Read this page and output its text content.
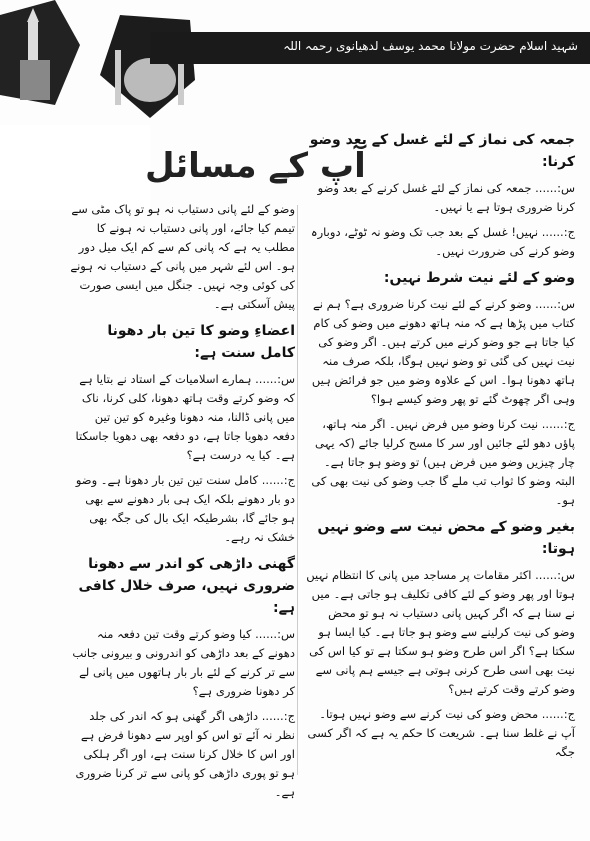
شہید اسلام حضرت مولانا محمد یوسف لدھیانوی رحمہ اللہ
آپ کے مسائل
جمعہ کی نماز کے لئے غسل کے بعد وضو کرنا:
س:...... جمعہ کی نماز کے لئے غسل کرنے کے بعد وضو کرنا ضروری ہوتا ہے یا نہیں۔
ج:...... نہیں! غسل کے بعد جب تک وضو نہ ٹوٹے، دوبارہ وضو کرنے کی ضرورت نہیں۔
وضو کے لئے نیت شرط نہیں:
س:...... وضو کرنے کے لئے نیت کرنا ضروری ہے؟ ہم نے کتاب میں پڑھا ہے کہ منہ ہاتھ دھونے میں وضو کی کام کیا جاتا ہے جو وضو کرنے میں کرتے ہیں۔ اگر وضو کی نیت نہیں کی گئی تو وضو نہیں ہوگا، بلکہ صرف منہ ہاتھ دھونا ہوا۔ اس کے علاوہ وضو میں جو فرائض ہیں وہی اگر چھوٹ گئے تو پھر وضو کیسے ہوا؟
ج:...... نیت کرنا وضو میں فرض نہیں۔ اگر منہ ہاتھ، پاؤں دھو لئے جائیں اور سر کا مسح کرلیا جائے (کہ یہی چار چیزیں وضو میں فرض ہیں) تو وضو ہو جاتا ہے۔ البتہ وضو کا ثواب تب ملے گا جب وضو کی نیت بھی کی ہو۔
بغیر وضو کے محض نیت سے وضو نہیں ہوتا:
س:...... اکثر مقامات پر مساجد میں پانی کا انتظام نہیں ہوتا اور پھر وضو کے لئے کافی تکلیف ہو جاتی ہے۔ میں نے سنا ہے کہ اگر کہیں پانی دستیاب نہ ہو تو محض وضو کی نیت کرلینے سے وضو ہو جاتا ہے۔ کیا ایسا ہو سکتا ہے؟ اگر اس طرح وضو ہو سکتا ہے تو کیا اس کی نیت بھی اسی طرح کرنی ہوتی ہے جیسے ہم پانی سے وضو کرتے وقت کرتے ہیں؟
ج:...... محض وضو کی نیت کرنے سے وضو نہیں ہوتا۔ آپ نے غلط سنا ہے۔ شریعت کا حکم یہ ہے کہ اگر کسی جگہ
وضو کے لئے پانی دستیاب نہ ہو تو پاک مٹی سے تیمم کیا جائے، اور پانی دستیاب نہ ہونے کا مطلب یہ ہے کہ پانی کم سے کم ایک میل دور ہو۔ اس لئے شہر میں پانی کے دستیاب نہ ہونے کی کوئی وجہ نہیں۔ جنگل میں ایسی صورت پیش آسکتی ہے۔
اعضاءِ وضو کا تین بار دھونا کامل سنت ہے:
س:...... ہمارے اسلامیات کے استاد نے بتایا ہے کہ وضو کرتے وقت ہاتھ دھونا، کلی کرنا، ناک میں پانی ڈالنا، منہ دھونا وغیرہ کو تین تین دفعہ دھویا جاتا ہے، دو دفعہ بھی دھویا جاسکتا ہے۔ کیا یہ درست ہے؟
ج:...... کامل سنت تین تین بار دھونا ہے۔ وضو دو بار دھونے بلکہ ایک ہی بار دھونے سے بھی ہو جائے گا، بشرطیکہ ایک بال کی جگہ بھی خشک نہ رہے۔
گھنی داڑھی کو اندر سے دھونا ضروری نہیں، صرف خلال کافی ہے:
س:...... کیا وضو کرتے وقت تین دفعہ منہ دھونے کے بعد داڑھی کو اندرونی و بیرونی جانب سے تر کرنے کے لئے بار بار ہاتھوں میں پانی لے کر دھونا ضروری ہے؟
ج:...... داڑھی اگر گھنی ہو کہ اندر کی جلد نظر نہ آئے تو اس کو اوپر سے دھونا فرض ہے اور اس کا خلال کرنا سنت ہے، اور اگر ہلکی ہو تو پوری داڑھی کو پانی سے تر کرنا ضروری ہے۔
